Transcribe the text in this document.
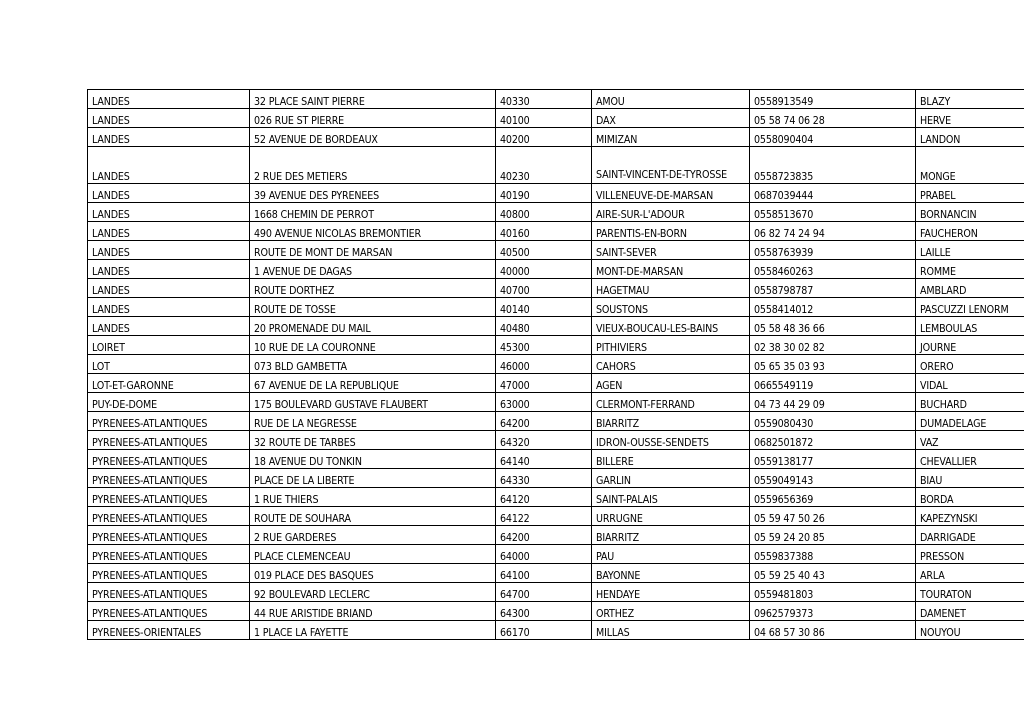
LANDES	32 PLACE SAINT PIERRE	40330	AMOU	0558913549	BLAZY
LANDES	026 RUE ST PIERRE	40100	DAX	05 58 74 06 28	HERVE
LANDES	52 AVENUE DE BORDEAUX	40200	MIMIZAN	0558090404	LANDON
LANDES	2 RUE DES METIERS	40230	SAINT-VINCENT-DE-TYROSSE	0558723835	MONGE
LANDES	39 AVENUE DES PYRENEES	40190	VILLENEUVE-DE-MARSAN	0687039444	PRABEL
LANDES	1668 CHEMIN DE PERROT	40800	AIRE-SUR-L'ADOUR	0558513670	BORNANCIN
LANDES	490 AVENUE NICOLAS BREMONTIER	40160	PARENTIS-EN-BORN	06 82 74 24 94	FAUCHERON
LANDES	ROUTE DE MONT DE MARSAN	40500	SAINT-SEVER	0558763939	LAILLE
LANDES	1 AVENUE DE DAGAS	40000	MONT-DE-MARSAN	0558460263	ROMME
LANDES	ROUTE DORTHEZ	40700	HAGETMAU	0558798787	AMBLARD
LANDES	ROUTE DE TOSSE	40140	SOUSTONS	0558414012	PASCUZZI LENORM
LANDES	20 PROMENADE DU MAIL	40480	VIEUX-BOUCAU-LES-BAINS	05 58 48 36 66	LEMBOULAS
LOIRET	10 RUE DE LA COURONNE	45300	PITHIVIERS	02 38 30 02 82	JOURNE
LOT	073 BLD GAMBETTA	46000	CAHORS	05 65 35 03 93	ORERO
LOT-ET-GARONNE	67 AVENUE DE LA REPUBLIQUE	47000	AGEN	0665549119	VIDAL
PUY-DE-DOME	175 BOULEVARD GUSTAVE FLAUBERT	63000	CLERMONT-FERRAND	04 73 44 29 09	BUCHARD
PYRENEES-ATLANTIQUES	RUE DE LA NEGRESSE	64200	BIARRITZ	0559080430	DUMADELAGE
PYRENEES-ATLANTIQUES	32 ROUTE DE TARBES	64320	IDRON-OUSSE-SENDETS	0682501872	VAZ
PYRENEES-ATLANTIQUES	18 AVENUE DU TONKIN	64140	BILLERE	0559138177	CHEVALLIER
PYRENEES-ATLANTIQUES	PLACE DE LA LIBERTE	64330	GARLIN	0559049143	BIAU
PYRENEES-ATLANTIQUES	1 RUE THIERS	64120	SAINT-PALAIS	0559656369	BORDA
PYRENEES-ATLANTIQUES	ROUTE DE SOUHARA	64122	URRUGNE	05 59 47 50 26	KAPEZYNSKI
PYRENEES-ATLANTIQUES	2 RUE GARDERES	64200	BIARRITZ	05 59 24 20 85	DARRIGADE
PYRENEES-ATLANTIQUES	PLACE CLEMENCEAU	64000	PAU	0559837388	PRESSON
PYRENEES-ATLANTIQUES	019 PLACE DES BASQUES	64100	BAYONNE	05 59 25 40 43	ARLA
PYRENEES-ATLANTIQUES	92 BOULEVARD LECLERC	64700	HENDAYE	0559481803	TOURATON
PYRENEES-ATLANTIQUES	44 RUE ARISTIDE BRIAND	64300	ORTHEZ	0962579373	DAMENET
PYRENEES-ORIENTALES	1 PLACE LA FAYETTE	66170	MILLAS	04 68 57 30 86	NOUYOU
